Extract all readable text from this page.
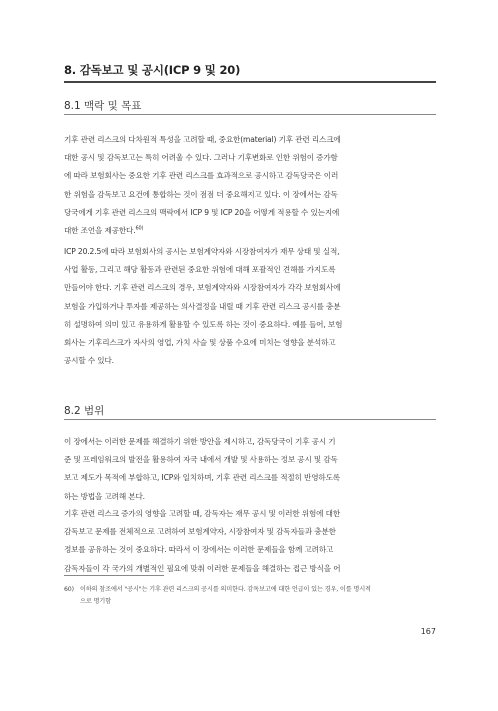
8. 감독보고 및 공시(ICP 9 및 20)
8.1 맥락 및 목표

기후 관련 리스크의 다차원적 특성을 고려할 때, 중요한(material) 기후 관련 리스크에
대한 공시 및 감독보고는 특히 어려울 수 있다. 그러나 기후변화로 인한 위험이 증가함
에 따라 보험회사는 중요한 기후 관련 리스크를 효과적으로 공시하고 감독당국은 이러
한 위험을 감독보고 요건에 통합하는 것이 점점 더 중요해지고 있다. 이 장에서는 감독
당국에게 기후 관련 리스크의 맥락에서 ICP 9 및 ICP 20을 어떻게 적용할 수 있는지에
대한 조언을 제공한다.$^{60)}$

ICP 20.2.5에 따라 보험회사의 공시는 보험계약자와 시장참여자가 재무 상태 및 실적,
사업 활동, 그리고 해당 활동과 관련된 중요한 위험에 대해 포괄적인 견해를 가지도록
만들어야 한다. 기후 관련 리스크의 경우, 보험계약자와 시장참여자가 각각 보험회사에
보험을 가입하거나 투자를 제공하는 의사결정을 내릴 때 기후 관련 리스크 공시를 충분
히 설명하여 의미 있고 유용하게 활용할 수 있도록 하는 것이 중요하다. 예를 들어, 보험
회사는 기후리스크가 자사의 영업, 가치 사슬 및 상품 수요에 미치는 영향을 분석하고
공시할 수 있다.

8.2 범위

이 장에서는 이러한 문제를 해결하기 위한 방안을 제시하고, 감독당국이 기후 공시 기
준 및 프레임워크의 발전을 활용하여 자국 내에서 개발 및 사용하는 정보 공시 및 감독
보고 제도가 목적에 부합하고, ICP와 일치하며, 기후 관련 리스크를 적절히 반영하도록
하는 방법을 고려해 본다.

기후 관련 리스크 증가의 영향을 고려할 때, 감독자는 재무 공시 및 이러한 위험에 대한
감독보고 문제를 전체적으로 고려하여 보험계약자, 시장참여자 및 감독자들과 충분한
정보를 공유하는 것이 중요하다. 따라서 이 장에서는 이러한 문제들을 함께 고려하고
감독자들이 각 국가의 개별적인 필요에 맞춰 이러한 문제들을 해결하는 접근 방식을 어

60) 이하의 참조에서 "공시"는 기후 관련 리스크의 공시를 의미한다. 감독보고에 대한 언급이 있는 경우, 이를 명시적
으로 명기함
167
